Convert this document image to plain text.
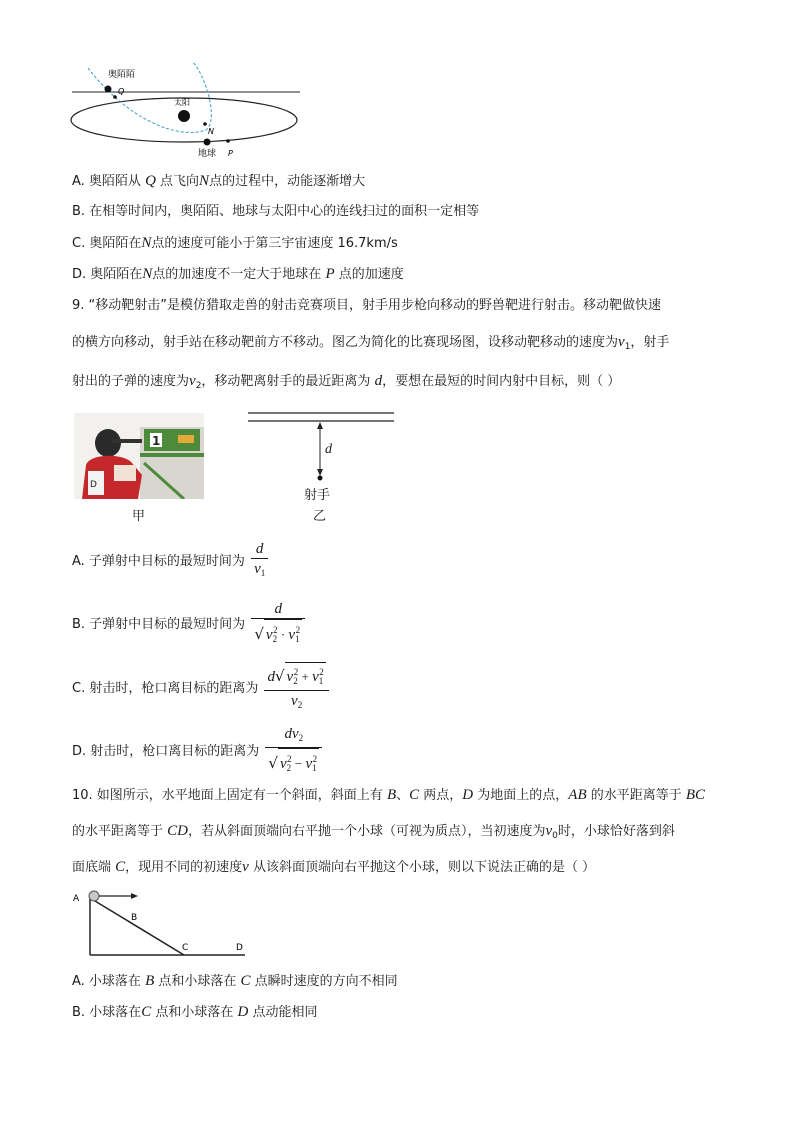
奥陌陌
Q
太阳
N
地球 P
A. 奥陌陌从 Q 点飞向N点的过程中，动能逐渐增大
B. 在相等时间内，奥陌陌、地球与太阳中心的连线扫过的面积一定相等
C. 奥陌陌在N点的速度可能小于第三宇宙速度 16.7km/s
D. 奥陌陌在N点的加速度不一定大于地球在 P 点的加速度
9. “移动靶射击”是模仿猎取走兽的射击竞赛项目，射手用步枪向移动的野兽靶进行射击。移动靶做快速
的横方向移动，射手站在移动靶前方不移动。图乙为简化的比赛现场图，设移动靶移动的速度为$v_1$，射手
射出的子弹的速度为$v_2$，移动靶离射手的最近距离为 d，要想在最短的时间内射中目标，则（ ）
1
D
甲
d
射手
乙
A. 子弹射中目标的最短时间为 $\frac{d}{v_1}$
B. 子弹射中目标的最短时间为 $\frac{d}{√ v_2^2 \cdot v_1^2}$
C. 射击时，枪口离目标的距离为 $\frac{d√ v_2^2 + v_1^2}{v_2}$
D. 射击时，枪口离目标的距离为 $\frac{dv_2}{√ v_2^2 - v_1^2}$
10. 如图所示，水平地面上固定有一个斜面，斜面上有 B、C 两点，D 为地面上的点，AB 的水平距离等于 BC
的水平距离等于 CD，若从斜面顶端向右平抛一个小球（可视为质点），当初速度为$v_0$时，小球恰好落到斜
面底端 C，现用不同的初速度v 从该斜面顶端向右平抛这个小球，则以下说法正确的是（ ）
A
B
C	D
A. 小球落在 B 点和小球落在 C 点瞬时速度的方向不相同
B. 小球落在C 点和小球落在 D 点动能相同
